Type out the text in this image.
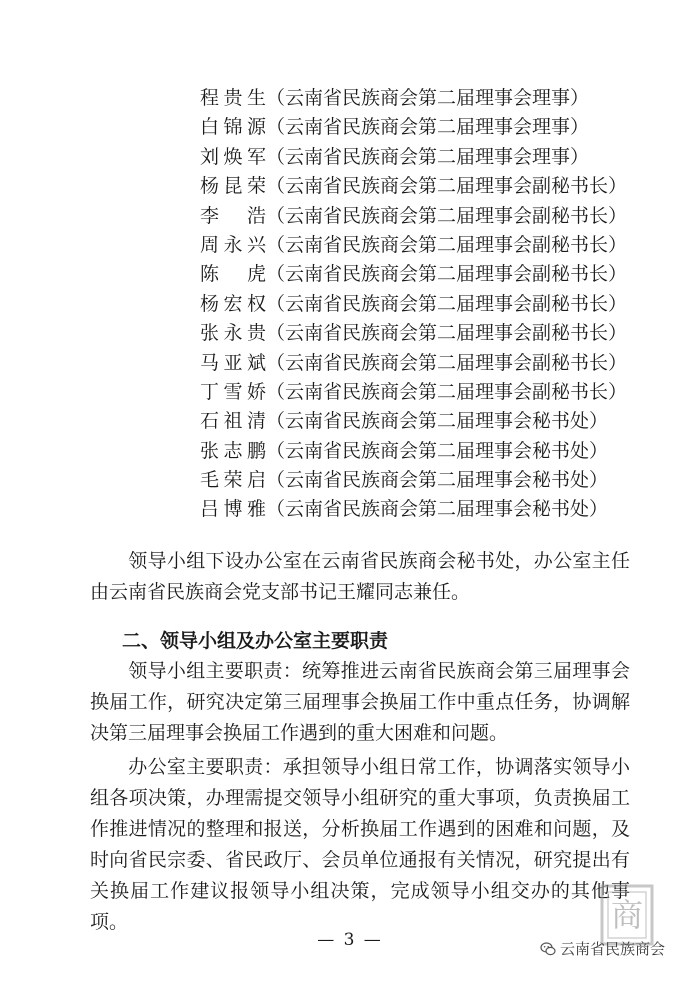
程贵生 （云南省民族商会第二届理事会理事）
白锦源 （云南省民族商会第二届理事会理事）
刘焕军 （云南省民族商会第二届理事会理事）
杨昆荣 （云南省民族商会第二届理事会副秘书长）
李浩 （云南省民族商会第二届理事会副秘书长）
周永兴 （云南省民族商会第二届理事会副秘书长）
陈虎 （云南省民族商会第二届理事会副秘书长）
杨宏权 （云南省民族商会第二届理事会副秘书长）
张永贵 （云南省民族商会第二届理事会副秘书长）
马亚斌 （云南省民族商会第二届理事会副秘书长）
丁雪娇 （云南省民族商会第二届理事会副秘书长）
石祖清 （云南省民族商会第二届理事会秘书处）
张志鹏 （云南省民族商会第二届理事会秘书处）
毛荣启 （云南省民族商会第二届理事会秘书处）
吕博雅 （云南省民族商会第二届理事会秘书处）

领导小组下设办公室在云南省民族商会秘书处，办公室主任由云南省民族商会党支部书记王耀同志兼任。

二、领导小组及办公室主要职责

领导小组主要职责：统筹推进云南省民族商会第三届理事会换届工作，研究决定第三届理事会换届工作中重点任务，协调解决第三届理事会换届工作遇到的重大困难和问题。

办公室主要职责：承担领导小组日常工作，协调落实领导小组各项决策，办理需提交领导小组研究的重大事项，负责换届工作推进情况的整理和报送，分析换届工作遇到的困难和问题，及时向省民宗委、省民政厅、会员单位通报有关情况，研究提出有关换届工作建议报领导小组决策，完成领导小组交办的其他事项。

— 3 —
商
云南省民族商会
